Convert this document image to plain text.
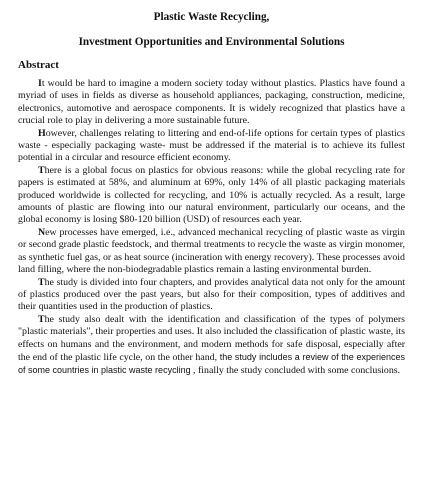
Plastic Waste Recycling,

Investment Opportunities and Environmental Solutions

Abstract

It would be hard to imagine a modern society today without plastics. Plastics have found a myriad of uses in fields as diverse as household appliances, packaging, construction, medicine, electronics, automotive and aerospace components. It is widely recognized that plastics have a crucial role to play in delivering a more sustainable future.

However, challenges relating to littering and end-of-life options for certain types of plastics waste - especially packaging waste- must be addressed if the material is to achieve its fullest potential in a circular and resource efficient economy.

There is a global focus on plastics for obvious reasons: while the global recycling rate for papers is estimated at 58%, and aluminum at 69%, only 14% of all plastic packaging materials produced worldwide is collected for recycling, and 10% is actually recycled. As a result, large amounts of plastic are flowing into our natural environment, particularly our oceans, and the global economy is losing $80-120 billion (USD) of resources each year.

New processes have emerged, i.e., advanced mechanical recycling of plastic waste as virgin or second grade plastic feedstock, and thermal treatments to recycle the waste as virgin monomer, as synthetic fuel gas, or as heat source (incineration with energy recovery). These processes avoid land filling, where the non-biodegradable plastics remain a lasting environmental burden.

The study is divided into four chapters, and provides analytical data not only for the amount of plastics produced over the past years, but also for their composition, types of additives and their quantities used in the production of plastics.

The study also dealt with the identification and classification of the types of polymers "plastic materials", their properties and uses. It also included the classification of plastic waste, its effects on humans and the environment, and modern methods for safe disposal, especially after the end of the plastic life cycle, on the other hand, the study includes a review of the experiences of some countries in plastic waste recycling , finally the study concluded with some conclusions.
